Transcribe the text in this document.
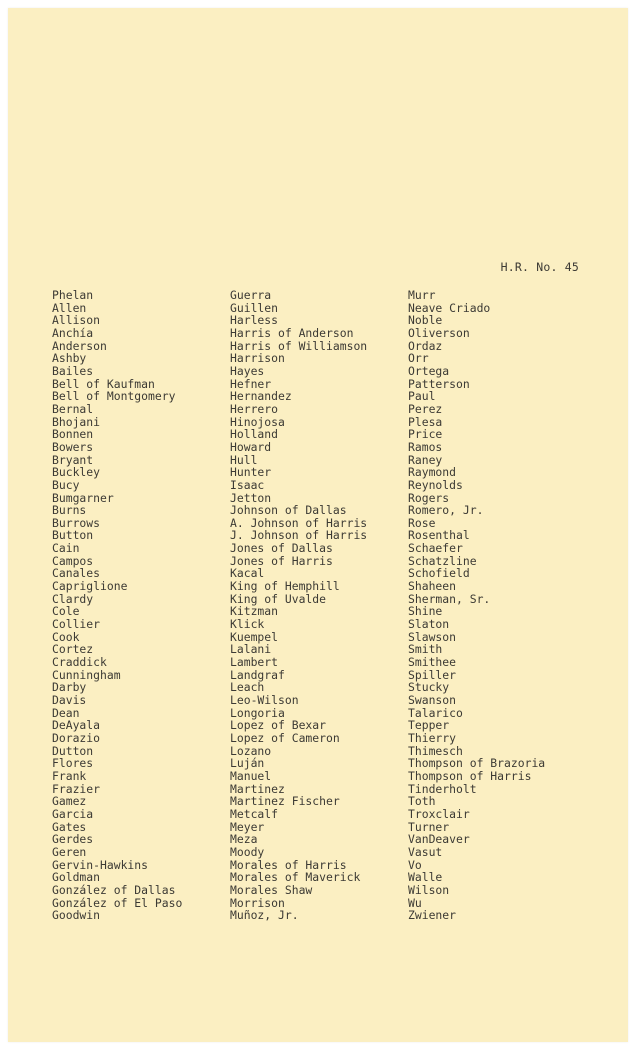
H.R. No. 45
Phelan
Allen
Allison
Anchía
Anderson
Ashby
Bailes
Bell of Kaufman
Bell of Montgomery
Bernal
Bhojani
Bonnen
Bowers
Bryant
Buckley
Bucy
Bumgarner
Burns
Burrows
Button
Cain
Campos
Canales
Capriglione
Clardy
Cole
Collier
Cook
Cortez
Craddick
Cunningham
Darby
Davis
Dean
DeAyala
Dorazio
Dutton
Flores
Frank
Frazier
Gamez
Garcia
Gates
Gerdes
Geren
Gervin-Hawkins
Goldman
González of Dallas
González of El Paso
Goodwin
Guerra
Guillen
Harless
Harris of Anderson
Harris of Williamson
Harrison
Hayes
Hefner
Hernandez
Herrero
Hinojosa
Holland
Howard
Hull
Hunter
Isaac
Jetton
Johnson of Dallas
A. Johnson of Harris
J. Johnson of Harris
Jones of Dallas
Jones of Harris
Kacal
King of Hemphill
King of Uvalde
Kitzman
Klick
Kuempel
Lalani
Lambert
Landgraf
Leach
Leo-Wilson
Longoria
Lopez of Bexar
Lopez of Cameron
Lozano
Luján
Manuel
Martinez
Martinez Fischer
Metcalf
Meyer
Meza
Moody
Morales of Harris
Morales of Maverick
Morales Shaw
Morrison
Muñoz, Jr.
Murr
Neave Criado
Noble
Oliverson
Ordaz
Orr
Ortega
Patterson
Paul
Perez
Plesa
Price
Ramos
Raney
Raymond
Reynolds
Rogers
Romero, Jr.
Rose
Rosenthal
Schaefer
Schatzline
Schofield
Shaheen
Sherman, Sr.
Shine
Slaton
Slawson
Smith
Smithee
Spiller
Stucky
Swanson
Talarico
Tepper
Thierry
Thimesch
Thompson of Brazoria
Thompson of Harris
Tinderholt
Toth
Troxclair
Turner
VanDeaver
Vasut
Vo
Walle
Wilson
Wu
Zwiener
